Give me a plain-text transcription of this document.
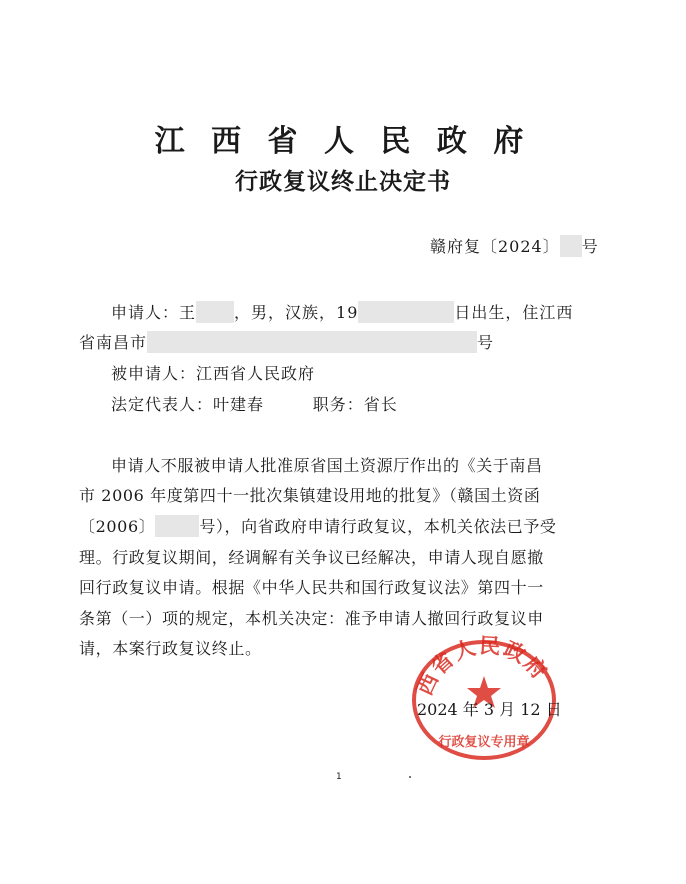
江 西 省 人 民 政 府
行政复议终止决定书
赣府复〔2024〕 号
申请人：王 ，男，汉族，19	日出生，住江西
省南昌市	号
被申请人：江西省人民政府
法定代表人：叶建春        职务：省长
申请人不服被申请人批准原省国土资源厅作出的《关于南昌
市 2006 年度第四十一批次集镇建设用地的批复》（赣国土资函
〔2006〕	号），向省政府申请行政复议，本机关依法已予受
理。行政复议期间，经调解有关争议已经解决，申请人现自愿撤
回行政复议申请。根据《中华人民共和国行政复议法》第四十一
条第（一）项的规定，本机关决定：准予申请人撤回行政复议申
请，本案行政复议终止。
西省人民政府
行政复议专用章
2024 年 3 月 12 日
1
